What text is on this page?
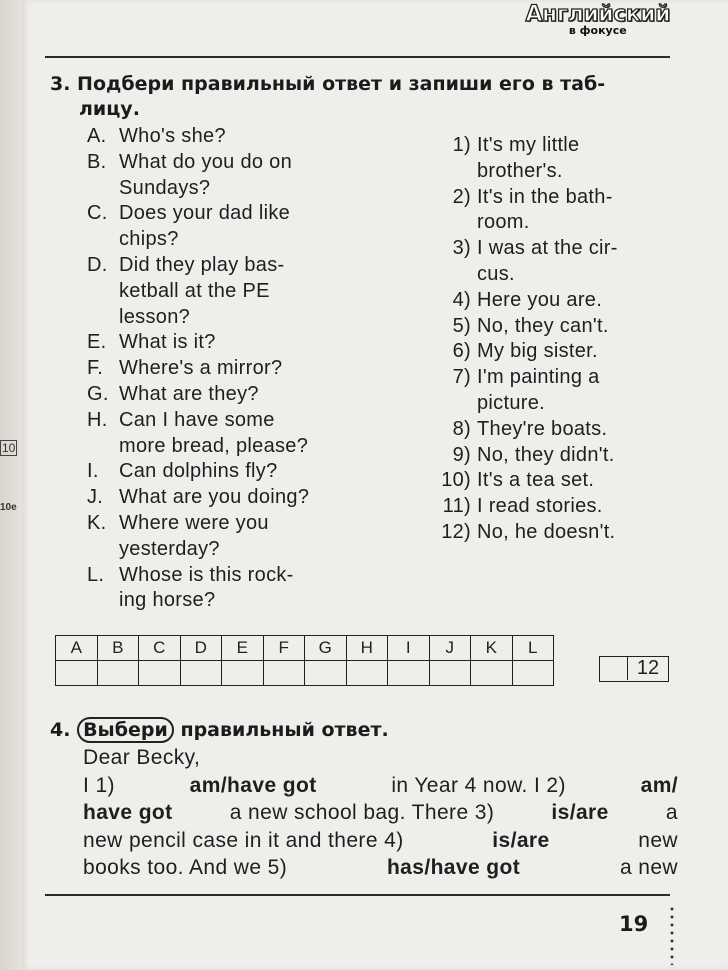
10
10e
Английский
в фокусе
3. Подбери правильный ответ и запиши его в таб-
лицу.
A. Who's she?
B. What do you do on
Sundays?
C. Does your dad like
chips?
D. Did they play bas-
ketball at the PE
lesson?
E. What is it?
F. Where's a mirror?
G. What are they?
H. Can I have some
more bread, please?
I.	Can dolphins fly?
J. What are you doing?
K. Where were you
yesterday?
L. Whose is this rock-
ing horse?
1) It's my little
brother's.
2) It's in the bath-
room.
3) I was at the cir-
cus.
4) Here you are.
5) No, they can't.
6) My big sister.
7) I'm painting a
picture.
8) They're boats.
9) No, they didn't.
10) It's a tea set.
11) I read stories.
12) No, he doesn't.
A	B	C	D	E	F	G	H	I	J	K	L

12
4. Выбери правильный ответ.
Dear Becky,
I 1)	am/have got	in Year 4 now. I 2)	am/
have got	a new school bag. There 3)	is/are	a
new pencil case in it and there 4)	is/are	new
books too. And we 5)	has/have got	a new
19
